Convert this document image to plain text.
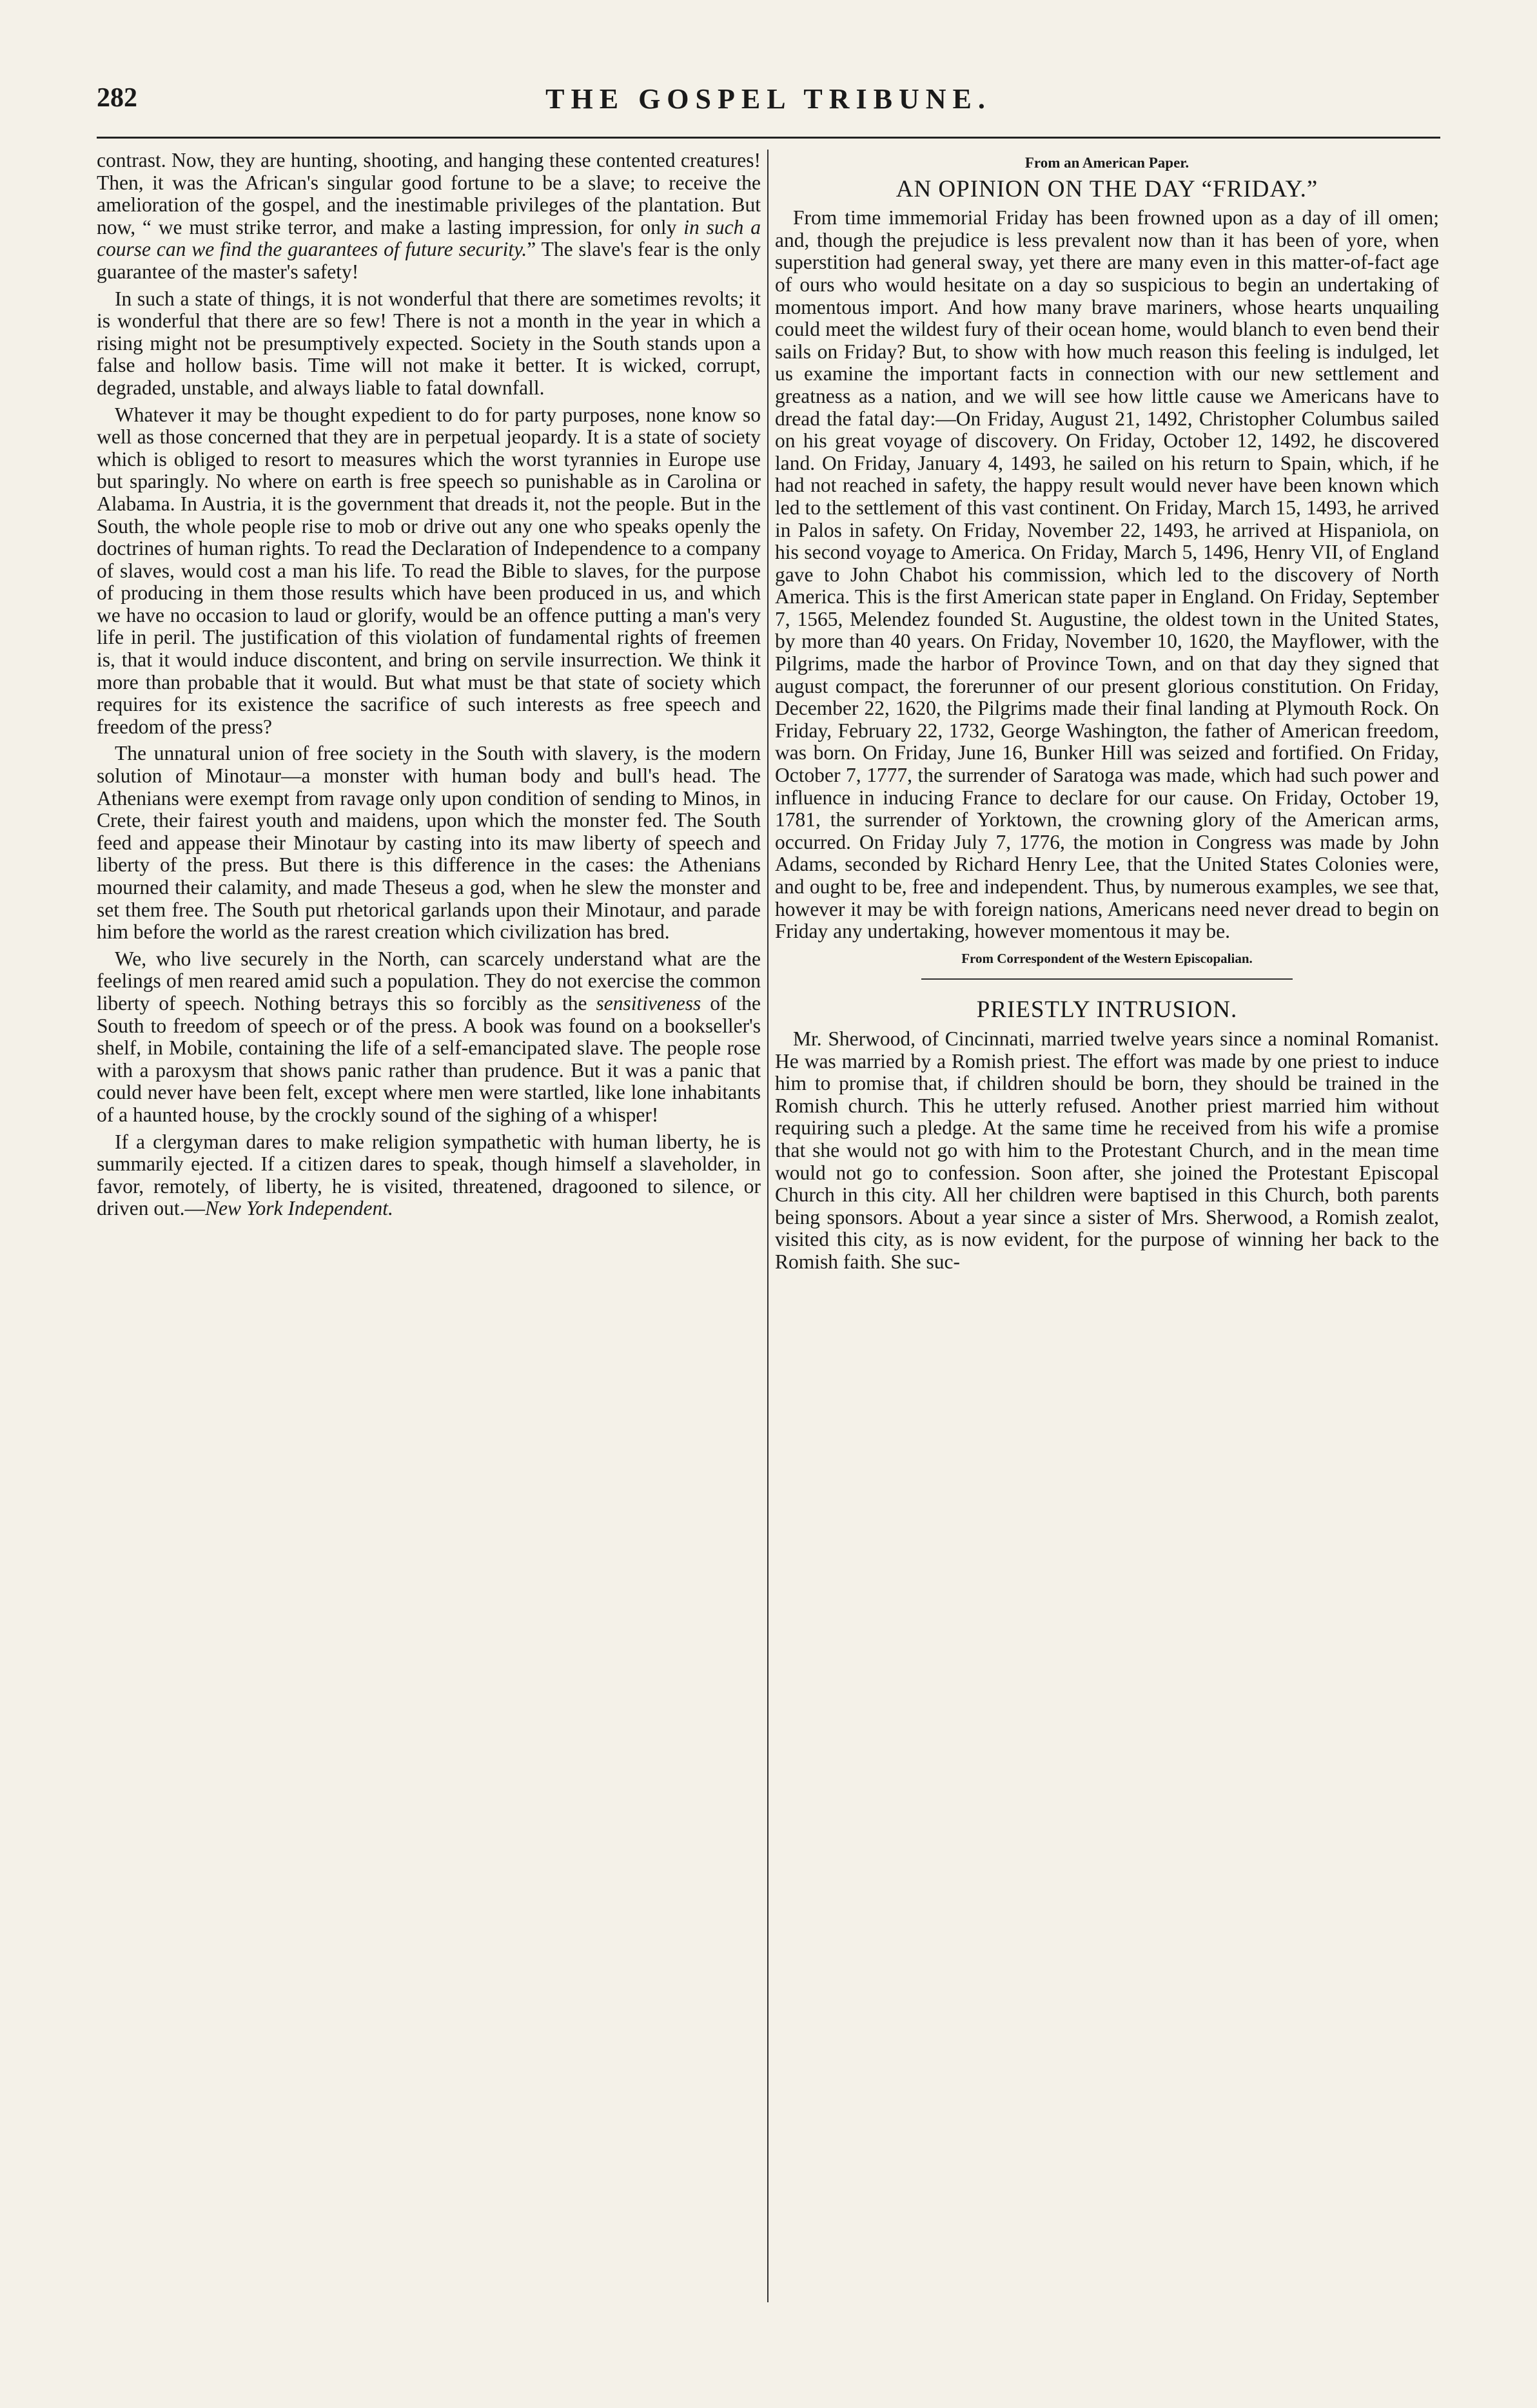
282	THE GOSPEL TRIBUNE.

contrast. Now, they are hunting, shooting, and hanging these contented creatures! Then, it was the African's singular good fortune to be a slave; to receive the amelioration of the gospel, and the inestimable privileges of the plantation. But now, “ we must strike terror, and make a lasting impression, for only in such a course can we find the guarantees of future security.” The slave's fear is the only guarantee of the master's safety!

In such a state of things, it is not wonderful that there are sometimes revolts; it is wonderful that there are so few! There is not a month in the year in which a rising might not be presumptively expected. Society in the South stands upon a false and hollow basis. Time will not make it better. It is wicked, corrupt, degraded, unstable, and always liable to fatal downfall.

Whatever it may be thought expedient to do for party purposes, none know so well as those concerned that they are in perpetual jeopardy. It is a state of society which is obliged to resort to measures which the worst tyrannies in Europe use but sparingly. No where on earth is free speech so punishable as in Carolina or Alabama. In Austria, it is the government that dreads it, not the people. But in the South, the whole people rise to mob or drive out any one who speaks openly the doctrines of human rights. To read the Declaration of Independence to a company of slaves, would cost a man his life. To read the Bible to slaves, for the purpose of producing in them those results which have been produced in us, and which we have no occasion to laud or glorify, would be an offence putting a man's very life in peril. The justification of this violation of fundamental rights of freemen is, that it would induce discontent, and bring on servile insurrection. We think it more than probable that it would. But what must be that state of society which requires for its existence the sacrifice of such interests as free speech and freedom of the press?

The unnatural union of free society in the South with slavery, is the modern solution of Minotaur—a monster with human body and bull's head. The Athenians were exempt from ravage only upon condition of sending to Minos, in Crete, their fairest youth and maidens, upon which the monster fed. The South feed and appease their Minotaur by casting into its maw liberty of speech and liberty of the press. But there is this difference in the cases: the Athenians mourned their calamity, and made Theseus a god, when he slew the monster and set them free. The South put rhetorical garlands upon their Minotaur, and parade him before the world as the rarest creation which civilization has bred.

We, who live securely in the North, can scarcely understand what are the feelings of men reared amid such a population. They do not exercise the common liberty of speech. Nothing betrays this so forcibly as the sensitiveness of the South to freedom of speech or of the press. A book was found on a bookseller's shelf, in Mobile, containing the life of a self-emancipated slave. The people rose with a paroxysm that shows panic rather than prudence. But it was a panic that could never have been felt, except where men were startled, like lone inhabitants of a haunted house, by the crockly sound of the sighing of a whisper!

If a clergyman dares to make religion sympathetic with human liberty, he is summarily ejected. If a citizen dares to speak, though himself a slaveholder, in favor, remotely, of liberty, he is visited, threatened, dragooned to silence, or driven out.—New York Independent.

From an American Paper.
AN OPINION ON THE DAY “FRIDAY.”

From time immemorial Friday has been frowned upon as a day of ill omen; and, though the prejudice is less prevalent now than it has been of yore, when superstition had general sway, yet there are many even in this matter-of-fact age of ours who would hesitate on a day so suspicious to begin an undertaking of momentous import. And how many brave mariners, whose hearts unquailing could meet the wildest fury of their ocean home, would blanch to even bend their sails on Friday? But, to show with how much reason this feeling is indulged, let us examine the important facts in connection with our new settlement and greatness as a nation, and we will see how little cause we Americans have to dread the fatal day:—On Friday, August 21, 1492, Christopher Columbus sailed on his great voyage of discovery. On Friday, October 12, 1492, he discovered land. On Friday, January 4, 1493, he sailed on his return to Spain, which, if he had not reached in safety, the happy result would never have been known which led to the settlement of this vast continent. On Friday, March 15, 1493, he arrived in Palos in safety. On Friday, November 22, 1493, he arrived at Hispaniola, on his second voyage to America. On Friday, March 5, 1496, Henry VII, of England gave to John Chabot his commission, which led to the discovery of North America. This is the first American state paper in England. On Friday, September 7, 1565, Melendez founded St. Augustine, the oldest town in the United States, by more than 40 years. On Friday, November 10, 1620, the Mayflower, with the Pilgrims, made the harbor of Province Town, and on that day they signed that august compact, the forerunner of our present glorious constitution. On Friday, December 22, 1620, the Pilgrims made their final landing at Plymouth Rock. On Friday, February 22, 1732, George Washington, the father of American freedom, was born. On Friday, June 16, Bunker Hill was seized and fortified. On Friday, October 7, 1777, the surrender of Saratoga was made, which had such power and influence in inducing France to declare for our cause. On Friday, October 19, 1781, the surrender of Yorktown, the crowning glory of the American arms, occurred. On Friday July 7, 1776, the motion in Congress was made by John Adams, seconded by Richard Henry Lee, that the United States Colonies were, and ought to be, free and independent. Thus, by numerous examples, we see that, however it may be with foreign nations, Americans need never dread to begin on Friday any undertaking, however momentous it may be.

From Correspondent of the Western Episcopalian.
PRIESTLY INTRUSION.

Mr. Sherwood, of Cincinnati, married twelve years since a nominal Romanist. He was married by a Romish priest. The effort was made by one priest to induce him to promise that, if children should be born, they should be trained in the Romish church. This he utterly refused. Another priest married him without requiring such a pledge. At the same time he received from his wife a promise that she would not go with him to the Protestant Church, and in the mean time would not go to confession. Soon after, she joined the Protestant Episcopal Church in this city. All her children were baptised in this Church, both parents being sponsors. About a year since a sister of Mrs. Sherwood, a Romish zealot, visited this city, as is now evident, for the purpose of winning her back to the Romish faith. She suc-
